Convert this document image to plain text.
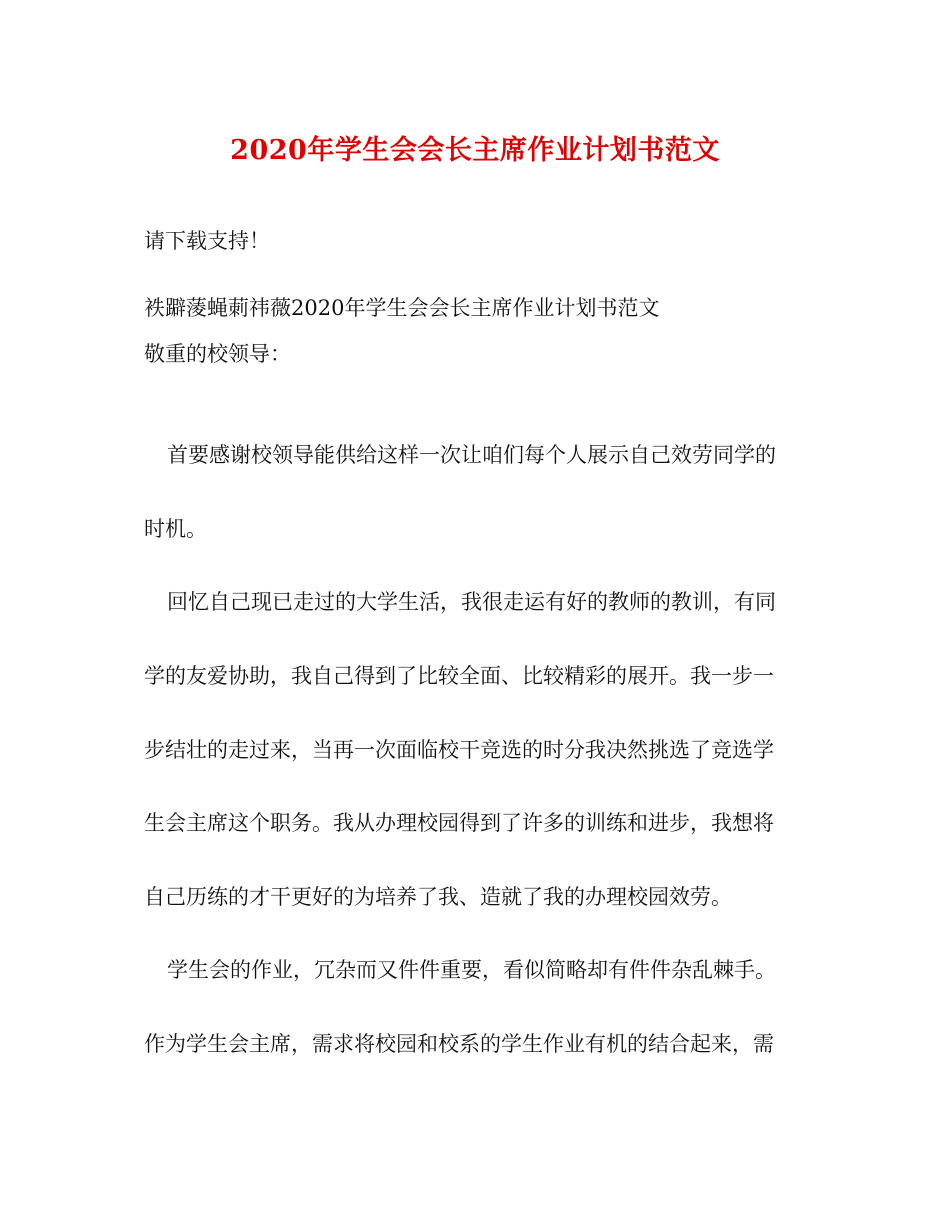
2020年学生会会长主席作业计划书范文

请下载支持！

袟躃蔆蝇莿祎薇2020年学生会会长主席作业计划书范文

敬重的校领导：

首要感谢校领导能供给这样一次让咱们每个人展示自己效劳同学的

时机。

回忆自己现已走过的大学生活，我很走运有好的教师的教训，有同

学的友爱协助，我自己得到了比较全面、比较精彩的展开。我一步一

步结壮的走过来，当再一次面临校干竞选的时分我决然挑选了竞选学

生会主席这个职务。我从办理校园得到了许多的训练和进步，我想将

自己历练的才干更好的为培养了我、造就了我的办理校园效劳。

学生会的作业，冗杂而又件件重要，看似简略却有件件杂乱棘手。

作为学生会主席，需求将校园和校系的学生作业有机的结合起来，需
